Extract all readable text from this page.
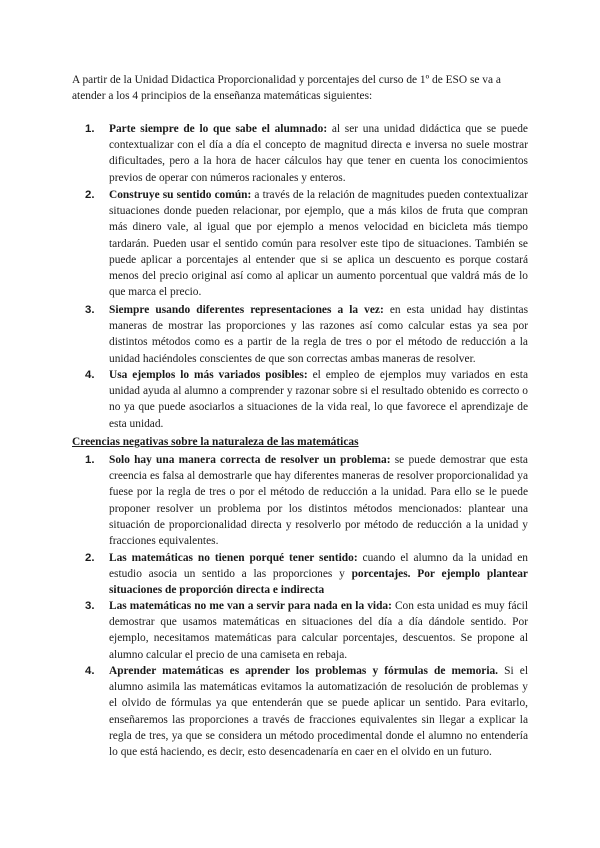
A partir de la Unidad Didactica Proporcionalidad y porcentajes del curso de 1º de ESO se va a atender a los 4 principios de la enseñanza matemáticas siguientes:
1. Parte siempre de lo que sabe el alumnado: al ser una unidad didáctica que se puede contextualizar con el día a día el concepto de magnitud directa e inversa no suele mostrar dificultades, pero a la hora de hacer cálculos hay que tener en cuenta los conocimientos previos de operar con números racionales y enteros.
2. Construye su sentido común: a través de la relación de magnitudes pueden contextualizar situaciones donde pueden relacionar, por ejemplo, que a más kilos de fruta que compran más dinero vale, al igual que por ejemplo a menos velocidad en bicicleta más tiempo tardarán. Pueden usar el sentido común para resolver este tipo de situaciones. También se puede aplicar a porcentajes al entender que si se aplica un descuento es porque costará menos del precio original así como al aplicar un aumento porcentual que valdrá más de lo que marca el precio.
3. Siempre usando diferentes representaciones a la vez: en esta unidad hay distintas maneras de mostrar las proporciones y las razones así como calcular estas ya sea por distintos métodos como es a partir de la regla de tres o por el método de reducción a la unidad haciéndoles conscientes de que son correctas ambas maneras de resolver.
4. Usa ejemplos lo más variados posibles: el empleo de ejemplos muy variados en esta unidad ayuda al alumno a comprender y razonar sobre si el resultado obtenido es correcto o no ya que puede asociarlos a situaciones de la vida real, lo que favorece el aprendizaje de esta unidad.
Creencias negativas sobre la naturaleza de las matemáticas
1. Solo hay una manera correcta de resolver un problema: se puede demostrar que esta creencia es falsa al demostrarle que hay diferentes maneras de resolver proporcionalidad ya fuese por la regla de tres o por el método de reducción a la unidad. Para ello se le puede proponer resolver un problema por los distintos métodos mencionados: plantear una situación de proporcionalidad directa y resolverlo por método de reducción a la unidad y fracciones equivalentes.
2. Las matemáticas no tienen porqué tener sentido: cuando el alumno da la unidad en estudio asocia un sentido a las proporciones y porcentajes. Por ejemplo plantear situaciones de proporción directa e indirecta
3. Las matemáticas no me van a servir para nada en la vida: Con esta unidad es muy fácil demostrar que usamos matemáticas en situaciones del día a día dándole sentido. Por ejemplo, necesitamos matemáticas para calcular porcentajes, descuentos. Se propone al alumno calcular el precio de una camiseta en rebaja.
4. Aprender matemáticas es aprender los problemas y fórmulas de memoria. Si el alumno asimila las matemáticas evitamos la automatización de resolución de problemas y el olvido de fórmulas ya que entenderán que se puede aplicar un sentido. Para evitarlo, enseñaremos las proporciones a través de fracciones equivalentes sin llegar a explicar la regla de tres, ya que se considera un método procedimental donde el alumno no entendería lo que está haciendo, es decir, esto desencadenaría en caer en el olvido en un futuro.
